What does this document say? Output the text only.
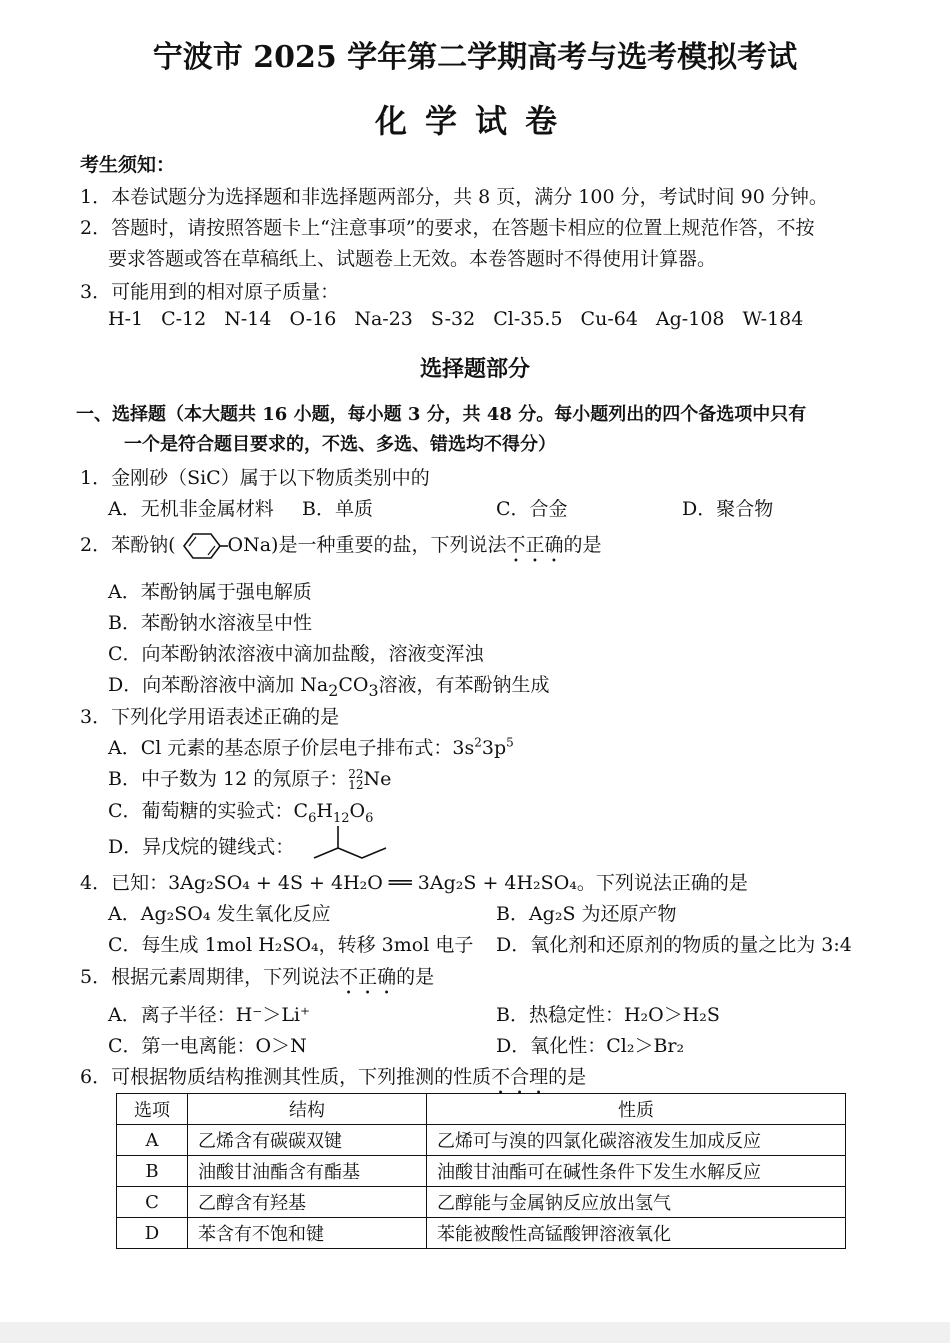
宁波市 2025 学年第二学期高考与选考模拟考试
化学试卷
考生须知：
1．本卷试题分为选择题和非选择题两部分，共 8 页，满分 100 分，考试时间 90 分钟。
2．答题时，请按照答题卡上“注意事项”的要求，在答题卡相应的位置上规范作答，不按
要求答题或答在草稿纸上、试题卷上无效。本卷答题时不得使用计算器。
3．可能用到的相对原子质量：
H-1 C-12 N-14 O-16 Na-23 S-32 Cl-35.5 Cu-64 Ag-108 W-184
选择题部分
一、选择题（本大题共 16 小题，每小题 3 分，共 48 分。每小题列出的四个备选项中只有
一个是符合题目要求的，不选、多选、错选均不得分）
1．金刚砂（SiC）属于以下物质类别中的
A．无机非金属材料 B．单质	C．合金	D．聚合物
2．苯酚钠(	ONa)是一种重要的盐，下列说法不正确的是
A．苯酚钠属于强电解质
B．苯酚钠水溶液呈中性
C．向苯酚钠浓溶液中滴加盐酸，溶液变浑浊
D．向苯酚溶液中滴加 $Na_2CO_3$溶液，有苯酚钠生成
3．下列化学用语表述正确的是
A．Cl 元素的基态原子价层电子排布式：$3s^23p^5$
B．中子数为 12 的氖原子： 22
12 Ne
C．葡萄糖的实验式：$C_6H_{12}O_6$
D．异戊烷的键线式：
4．已知：3Ag₂SO₄ + 4S + 4H₂O ══ 3Ag₂S + 4H₂SO₄。下列说法正确的是
A．Ag₂SO₄ 发生氧化反应	B．Ag₂S 为还原产物
C．每生成 1mol H₂SO₄，转移 3mol 电子 D．氧化剂和还原剂的物质的量之比为 3:4
5．根据元素周期律，下列说法不正确的是
A．离子半径：H⁻＞Li⁺	B．热稳定性：H₂O＞H₂S
C．第一电离能：O＞N	D．氧化性：Cl₂＞Br₂
6．可根据物质结构推测其性质，下列推测的性质不合理的是
选项	结构	性质
A	乙烯含有碳碳双键	乙烯可与溴的四氯化碳溶液发生加成反应
B	油酸甘油酯含有酯基	油酸甘油酯可在碱性条件下发生水解反应
C	乙醇含有羟基	乙醇能与金属钠反应放出氢气
D	苯含有不饱和键	苯能被酸性高锰酸钾溶液氧化
